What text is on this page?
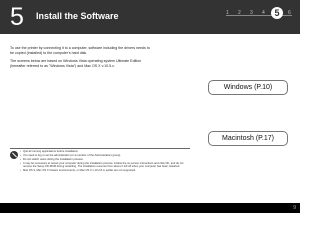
5 Install the Software	1 2 3 4	5	6

To use the printer by connecting it to a computer, software including the drivers needs to be copied (installed) to the computer's hard disk.

The screens below are based on Windows Vista operating system Ultimate Edition (hereafter referred to as "Windows Vista") and Mac OS X v.10.5.x.

Windows (P.10)
Macintosh (P.17)
• Quit all running applications before installation.
• You need to log on as the administrator (or a member of the Administrators group).
• Do not switch users during the installation process.
• It may be necessary to restart your computer during the installation process. Follow the on-screen instructions and click OK, and do not remove the Setup CD-ROM during restarting. The installation resumes from where it left off when your computer has been restarted.
• Mac OS 9, Mac OS X Classic environments, or Mac OS X v.10.2.8 or earlier are not supported.
9
